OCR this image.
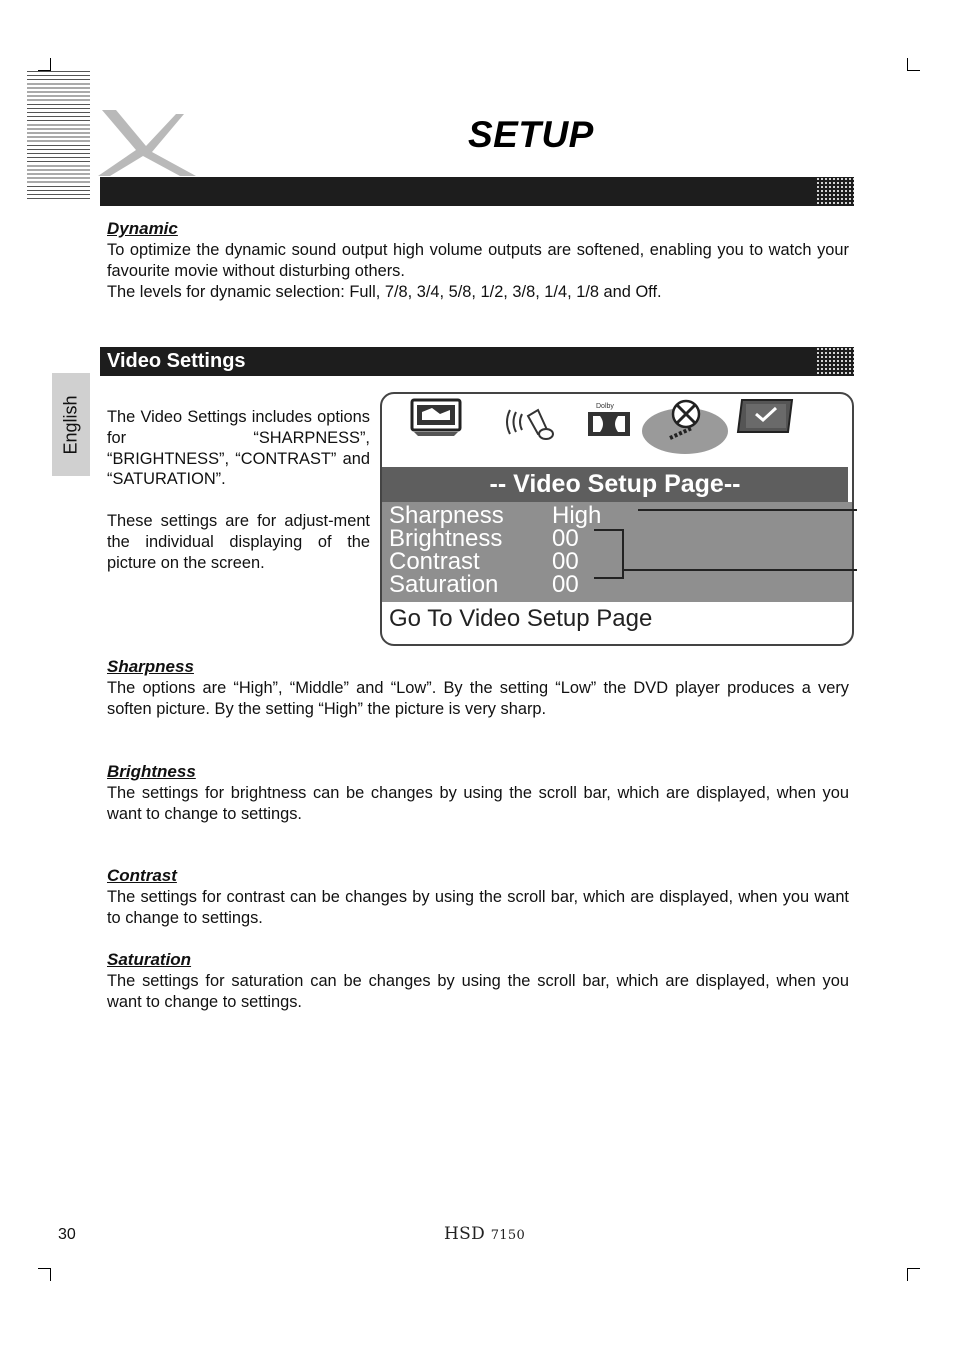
SETUP
English
Dynamic

To optimize the dynamic sound output high volume outputs are softened, enabling you to watch your favourite movie without disturbing others.

The levels for dynamic selection: Full, 7/8, 3/4, 5/8, 1/2, 3/8, 1/4, 1/8 and Off.

Video Settings

The Video Settings includes options for “SHARPNESS”, “BRIGHTNESS”, “CONTRAST” and “SATURATION”.

These settings are for adjust-ment the individual displaying of the picture on the screen.

Dolby
-- Video Setup Page--
Sharpness High
Brightness 00
Contrast	00
Saturation 00
Go To Video Setup Page
Sharpness
The options are “High”, “Middle” and “Low”. By the setting “Low” the DVD player produces a very soften picture. By the setting “High” the picture is very sharp.
Brightness
The settings for brightness can be changes by using the scroll bar, which are displayed, when you want to change to settings.
Contrast
The settings for contrast can be changes by using the scroll bar, which are displayed, when you want to change to settings.
Saturation
The settings for saturation can be changes by using the scroll bar, which are displayed, when you want to change to settings.
30	HSD 7150
